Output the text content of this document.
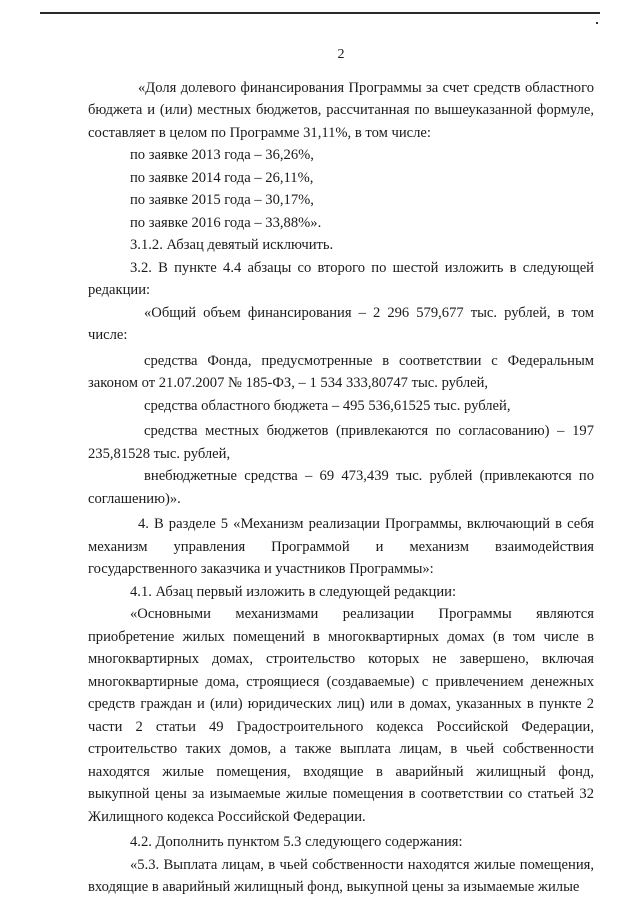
2

«Доля долевого финансирования Программы за счет средств областного бюджета и (или) местных бюджетов, рассчитанная по вышеуказанной формуле, составляет в целом по Программе 31,11%, в том числе:

по заявке 2013 года – 36,26%,

по заявке 2014 года – 26,11%,

по заявке 2015 года – 30,17%,

по заявке 2016 года – 33,88%».

3.1.2. Абзац девятый исключить.

3.2. В пункте 4.4 абзацы со второго по шестой изложить в следующей редакции:

«Общий объем финансирования – 2 296 579,677 тыс. рублей, в том числе:

средства Фонда, предусмотренные в соответствии с Федеральным законом от 21.07.2007 № 185-ФЗ, – 1 534 333,80747 тыс. рублей,

средства областного бюджета – 495 536,61525 тыс. рублей,

средства местных бюджетов (привлекаются по согласованию) – 197 235,81528 тыс. рублей,

внебюджетные средства – 69 473,439 тыс. рублей (привлекаются по соглашению)».

4. В разделе 5 «Механизм реализации Программы, включающий в себя механизм управления Программой и механизм взаимодействия государственного заказчика и участников Программы»:

4.1. Абзац первый изложить в следующей редакции:

«Основными механизмами реализации Программы являются приобретение жилых помещений в многоквартирных домах (в том числе в многоквартирных домах, строительство которых не завершено, включая многоквартирные дома, строящиеся (создаваемые) с привлечением денежных средств граждан и (или) юридических лиц) или в домах, указанных в пункте 2 части 2 статьи 49 Градостроительного кодекса Российской Федерации, строительство таких домов, а также выплата лицам, в чьей собственности находятся жилые помещения, входящие в аварийный жилищный фонд, выкупной цены за изымаемые жилые помещения в соответствии со статьей 32 Жилищного кодекса Российской Федерации.

4.2. Дополнить пунктом 5.3 следующего содержания:

«5.3. Выплата лицам, в чьей собственности находятся жилые помещения, входящие в аварийный жилищный фонд, выкупной цены за изымаемые жилые
